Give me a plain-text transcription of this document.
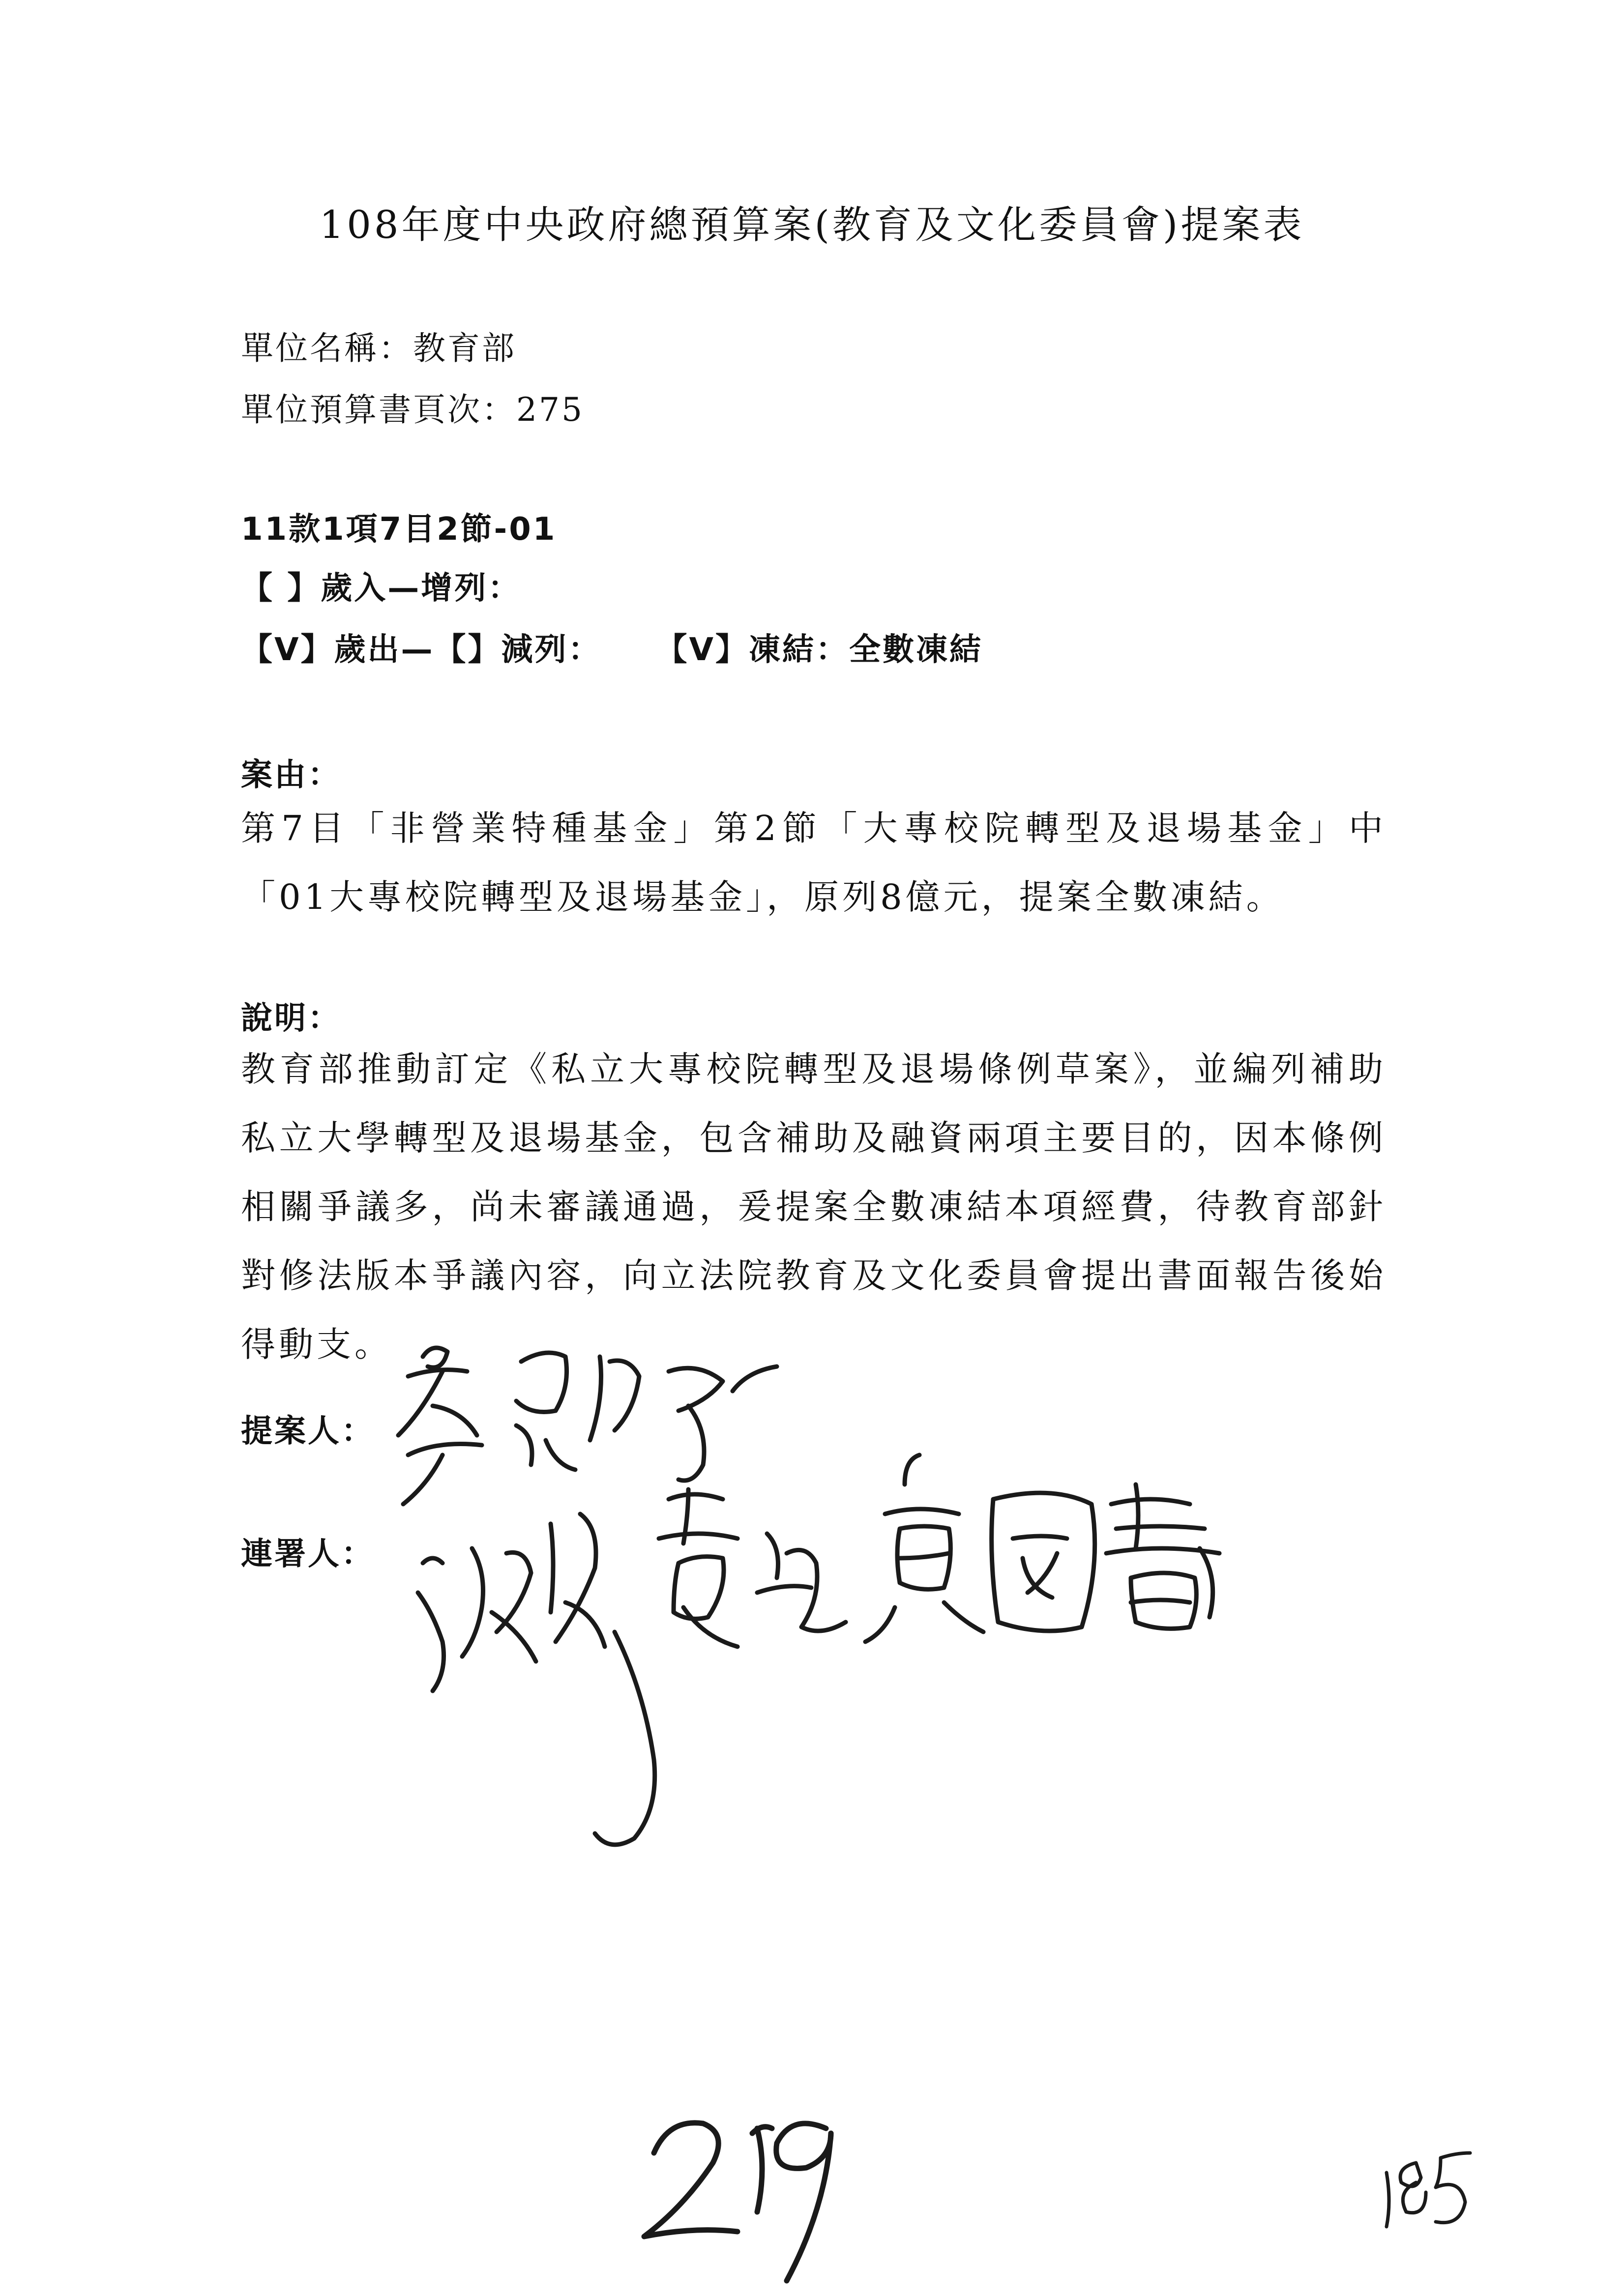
108年度中央政府總預算案(教育及文化委員會)提案表
單位名稱：教育部
單位預算書頁次：275
11款1項7目2節-01
【 】歲入—增列：
【V】歲出—【】減列： 【V】凍結：全數凍結
案由：
第7目「非營業特種基金」第2節「大專校院轉型及退場基金」中「01大專校院轉型及退場基金」，原列8億元，提案全數凍結。
說明：
教育部推動訂定《私立大專校院轉型及退場條例草案》，並編列補助私立大學轉型及退場基金，包含補助及融資兩項主要目的，因本條例相關爭議多，尚未審議通過，爰提案全數凍結本項經費，待教育部針對修法版本爭議內容，向立法院教育及文化委員會提出書面報告後始得動支。
提案人：
連署人：
